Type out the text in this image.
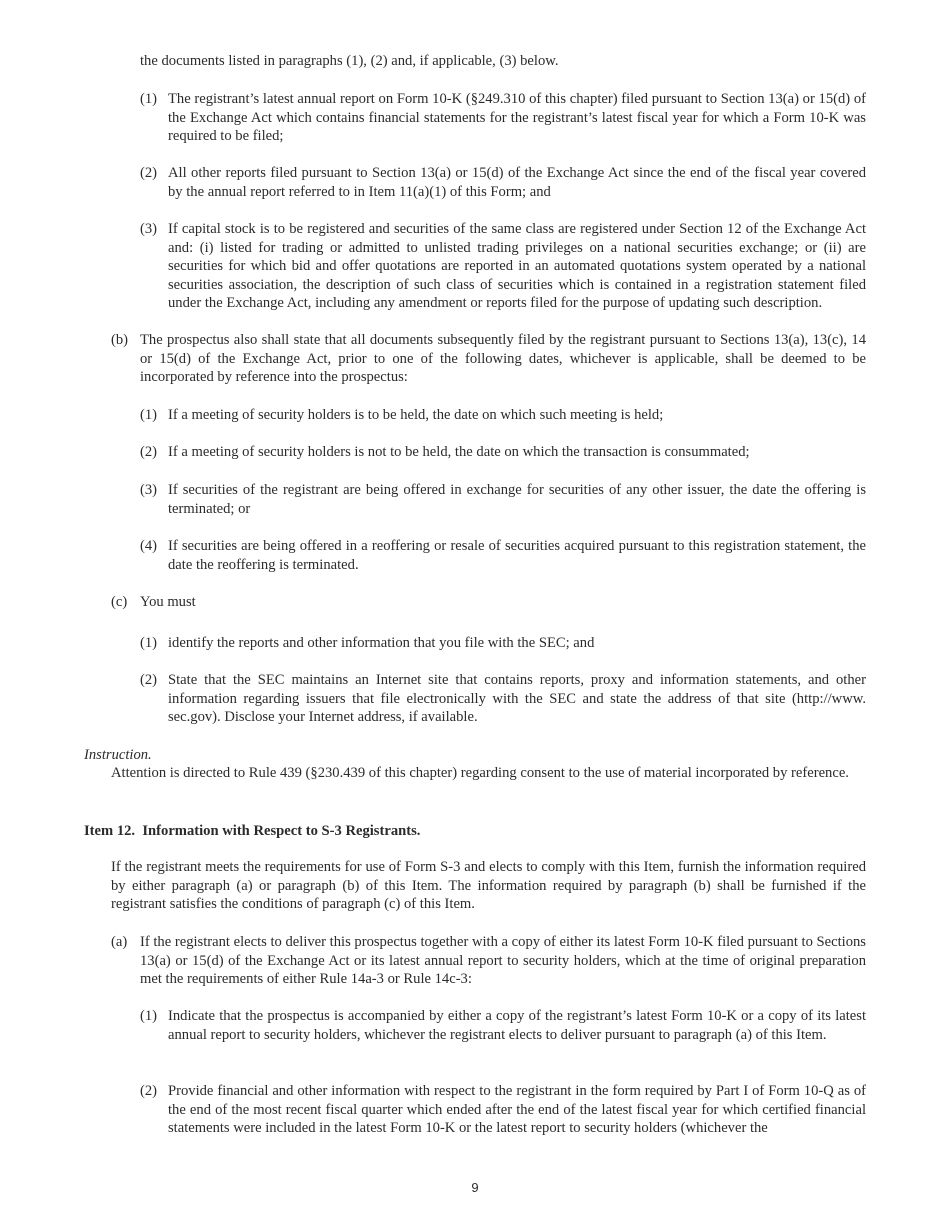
the documents listed in paragraphs (1), (2) and, if applicable, (3) below.

(1) The registrant’s latest annual report on Form 10-K (§249.310 of this chapter) filed pursuant to Section 13(a) or 15(d) of the Exchange Act which contains financial statements for the registrant’s latest fiscal year for which a Form 10-K was required to be filed;

(2) All other reports filed pursuant to Section 13(a) or 15(d) of the Exchange Act since the end of the fiscal year covered by the annual report referred to in Item 11(a)(1) of this Form; and

(3) If capital stock is to be registered and securities of the same class are registered under Section 12 of the Exchange Act and: (i) listed for trading or admitted to unlisted trading privileges on a national securities exchange; or (ii) are securities for which bid and offer quotations are reported in an automated quotations system operated by a national securities association, the description of such class of securities which is contained in a registration statement filed under the Exchange Act, including any amendment or reports filed for the purpose of updating such description.

(b) The prospectus also shall state that all documents subsequently filed by the registrant pursuant to Sections 13(a), 13(c), 14 or 15(d) of the Exchange Act, prior to one of the following dates, whichever is applicable, shall be deemed to be incorporated by reference into the prospectus:

(1) If a meeting of security holders is to be held, the date on which such meeting is held;

(2) If a meeting of security holders is not to be held, the date on which the transaction is consummated;

(3) If securities of the registrant are being offered in exchange for securities of any other issuer, the date the offering is terminated; or

(4) If securities are being offered in a reoffering or resale of securities acquired pursuant to this registration statement, the date the reoffering is terminated.

(c) You must

(1) identify the reports and other information that you file with the SEC; and

(2) State that the SEC maintains an Internet site that contains reports, proxy and information statements, and other information regarding issuers that file electronically with the SEC and state the address of that site (http://www. sec.gov). Disclose your Internet address, if available.

Instruction.

Attention is directed to Rule 439 (§230.439 of this chapter) regarding consent to the use of material incorporated by reference.

Item 12.  Information with Respect to S-3 Registrants.

If the registrant meets the requirements for use of Form S-3 and elects to comply with this Item, furnish the information required by either paragraph (a) or paragraph (b) of this Item. The information required by paragraph (b) shall be furnished if the registrant satisfies the conditions of paragraph (c) of this Item.

(a) If the registrant elects to deliver this prospectus together with a copy of either its latest Form 10-K filed pursuant to Sections 13(a) or 15(d) of the Exchange Act or its latest annual report to security holders, which at the time of original preparation met the requirements of either Rule 14a-3 or Rule 14c-3:

(1) Indicate that the prospectus is accompanied by either a copy of the registrant’s latest Form 10-K or a copy of its latest annual report to security holders, whichever the registrant elects to deliver pursuant to paragraph (a) of this Item.

(2) Provide financial and other information with respect to the registrant in the form required by Part I of Form 10-Q as of the end of the most recent fiscal quarter which ended after the end of the latest fiscal year for which certified financial statements were included in the latest Form 10-K or the latest report to security holders (whichever the

9
